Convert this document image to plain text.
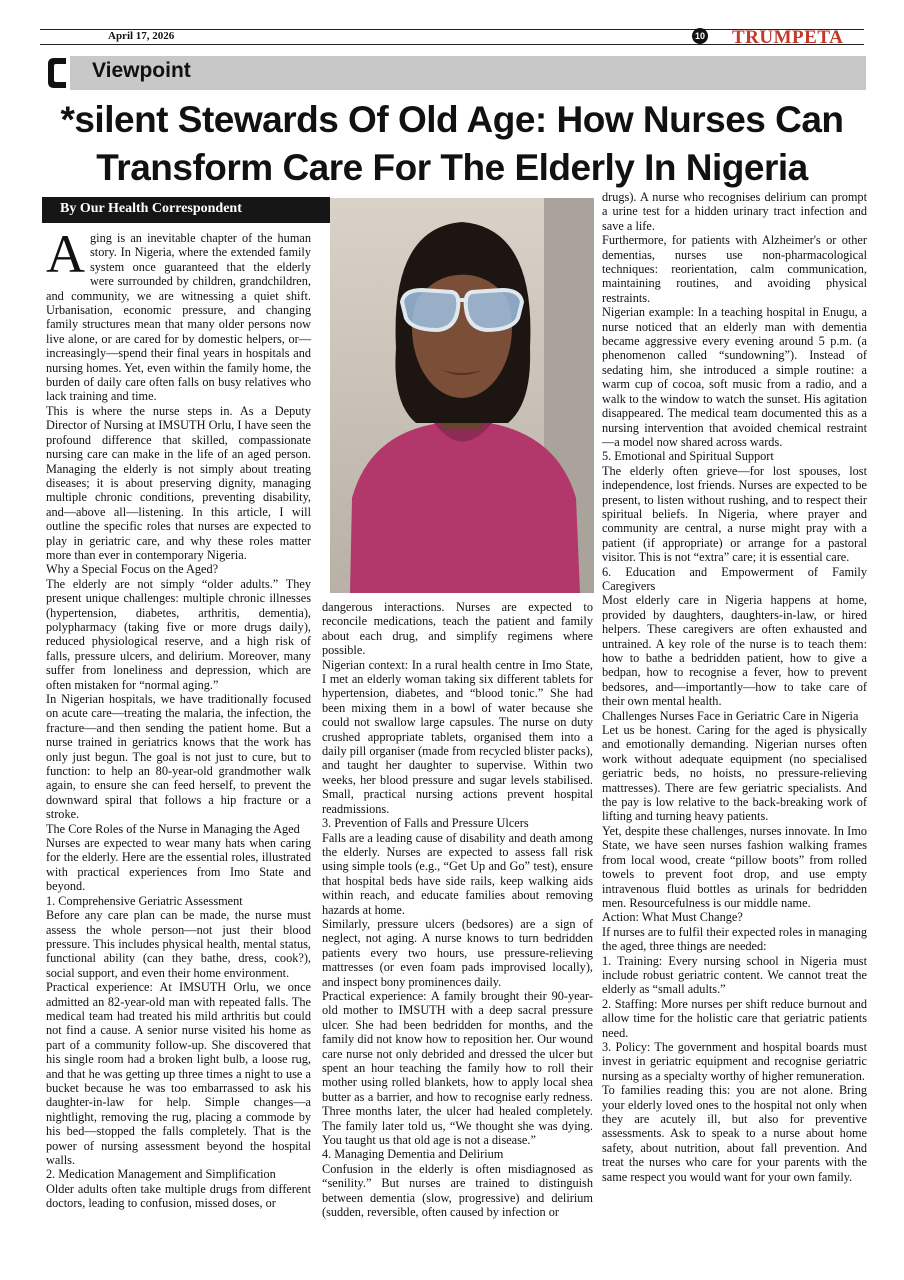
April 17, 2026	10 TRUMPETA
Viewpoint
*silent Stewards Of Old Age: How Nurses Can Transform Care For The Elderly In Nigeria
By Our Health Correspondent

Aging is an inevitable chapter of the human story. In Nigeria, where the extended family system once guaranteed that the elderly were surrounded by children, grandchildren, and community, we are witnessing a quiet shift. Urbanisation, economic pressure, and changing family structures mean that many older persons now live alone, or are cared for by domestic helpers, or—increasingly—spend their final years in hospitals and nursing homes. Yet, even within the family home, the burden of daily care often falls on busy relatives who lack training and time.

This is where the nurse steps in. As a Deputy Director of Nursing at IMSUTH Orlu, I have seen the profound difference that skilled, compassionate nursing care can make in the life of an aged person. Managing the elderly is not simply about treating diseases; it is about preserving dignity, managing multiple chronic conditions, preventing disability, and—above all—listening. In this article, I will outline the specific roles that nurses are expected to play in geriatric care, and why these roles matter more than ever in contemporary Nigeria.

Why a Special Focus on the Aged?

The elderly are not simply “older adults.” They present unique challenges: multiple chronic illnesses (hypertension, diabetes, arthritis, dementia), polypharmacy (taking five or more drugs daily), reduced physiological reserve, and a high risk of falls, pressure ulcers, and delirium. Moreover, many suffer from loneliness and depression, which are often mistaken for “normal aging.”

In Nigerian hospitals, we have traditionally focused on acute care—treating the malaria, the infection, the fracture—and then sending the patient home. But a nurse trained in geriatrics knows that the work has only just begun. The goal is not just to cure, but to function: to help an 80-year-old grandmother walk again, to ensure she can feed herself, to prevent the downward spiral that follows a hip fracture or a stroke.

The Core Roles of the Nurse in Managing the Aged

Nurses are expected to wear many hats when caring for the elderly. Here are the essential roles, illustrated with practical experiences from Imo State and beyond.

1. Comprehensive Geriatric Assessment

Before any care plan can be made, the nurse must assess the whole person—not just their blood pressure. This includes physical health, mental status, functional ability (can they bathe, dress, cook?), social support, and even their home environment.

Practical experience: At IMSUTH Orlu, we once admitted an 82-year-old man with repeated falls. The medical team had treated his mild arthritis but could not find a cause. A senior nurse visited his home as part of a community follow-up. She discovered that his single room had a broken light bulb, a loose rug, and that he was getting up three times a night to use a bucket because he was too embarrassed to ask his daughter-in-law for help. Simple changes—a nightlight, removing the rug, placing a commode by his bed—stopped the falls completely. That is the power of nursing assessment beyond the hospital walls.

2. Medication Management and Simplification

Older adults often take multiple drugs from different doctors, leading to confusion, missed doses, or

dangerous interactions. Nurses are expected to reconcile medications, teach the patient and family about each drug, and simplify regimens where possible.

Nigerian context: In a rural health centre in Imo State, I met an elderly woman taking six different tablets for hypertension, diabetes, and “blood tonic.” She had been mixing them in a bowl of water because she could not swallow large capsules. The nurse on duty crushed appropriate tablets, organised them into a daily pill organiser (made from recycled blister packs), and taught her daughter to supervise. Within two weeks, her blood pressure and sugar levels stabilised. Small, practical nursing actions prevent hospital readmissions.

3. Prevention of Falls and Pressure Ulcers

Falls are a leading cause of disability and death among the elderly. Nurses are expected to assess fall risk using simple tools (e.g., “Get Up and Go” test), ensure that hospital beds have side rails, keep walking aids within reach, and educate families about removing hazards at home.

Similarly, pressure ulcers (bedsores) are a sign of neglect, not aging. A nurse knows to turn bedridden patients every two hours, use pressure-relieving mattresses (or even foam pads improvised locally), and inspect bony prominences daily.

Practical experience: A family brought their 90-year-old mother to IMSUTH with a deep sacral pressure ulcer. She had been bedridden for months, and the family did not know how to reposition her. Our wound care nurse not only debrided and dressed the ulcer but spent an hour teaching the family how to roll their mother using rolled blankets, how to apply local shea butter as a barrier, and how to recognise early redness. Three months later, the ulcer had healed completely. The family later told us, “We thought she was dying. You taught us that old age is not a disease.”

4. Managing Dementia and Delirium

Confusion in the elderly is often misdiagnosed as “senility.” But nurses are trained to distinguish between dementia (slow, progressive) and delirium (sudden, reversible, often caused by infection or

drugs). A nurse who recognises delirium can prompt a urine test for a hidden urinary tract infection and save a life.

Furthermore, for patients with Alzheimer's or other dementias, nurses use non-pharmacological techniques: reorientation, calm communication, maintaining routines, and avoiding physical restraints.

Nigerian example: In a teaching hospital in Enugu, a nurse noticed that an elderly man with dementia became aggressive every evening around 5 p.m. (a phenomenon called “sundowning”). Instead of sedating him, she introduced a simple routine: a warm cup of cocoa, soft music from a radio, and a walk to the window to watch the sunset. His agitation disappeared. The medical team documented this as a nursing intervention that avoided chemical restraint—a model now shared across wards.

5. Emotional and Spiritual Support

The elderly often grieve—for lost spouses, lost independence, lost friends. Nurses are expected to be present, to listen without rushing, and to respect their spiritual beliefs. In Nigeria, where prayer and community are central, a nurse might pray with a patient (if appropriate) or arrange for a pastoral visitor. This is not “extra” care; it is essential care.

6. Education and Empowerment of Family Caregivers

Most elderly care in Nigeria happens at home, provided by daughters, daughters-in-law, or hired helpers. These caregivers are often exhausted and untrained. A key role of the nurse is to teach them: how to bathe a bedridden patient, how to give a bedpan, how to recognise a fever, how to prevent bedsores, and—importantly—how to take care of their own mental health.

Challenges Nurses Face in Geriatric Care in Nigeria

Let us be honest. Caring for the aged is physically and emotionally demanding. Nigerian nurses often work without adequate equipment (no specialised geriatric beds, no hoists, no pressure-relieving mattresses). There are few geriatric specialists. And the pay is low relative to the back-breaking work of lifting and turning heavy patients.

Yet, despite these challenges, nurses innovate. In Imo State, we have seen nurses fashion walking frames from local wood, create “pillow boots” from rolled towels to prevent foot drop, and use empty intravenous fluid bottles as urinals for bedridden men. Resourcefulness is our middle name.

Action: What Must Change?

If nurses are to fulfil their expected roles in managing the aged, three things are needed:

1. Training: Every nursing school in Nigeria must include robust geriatric content. We cannot treat the elderly as “small adults.”

2. Staffing: More nurses per shift reduce burnout and allow time for the holistic care that geriatric patients need.

3. Policy: The government and hospital boards must invest in geriatric equipment and recognise geriatric nursing as a specialty worthy of higher remuneration.

To families reading this: you are not alone. Bring your elderly loved ones to the hospital not only when they are acutely ill, but also for preventive assessments. Ask to speak to a nurse about home safety, about nutrition, about fall prevention. And treat the nurses who care for your parents with the same respect you would want for your own family.
